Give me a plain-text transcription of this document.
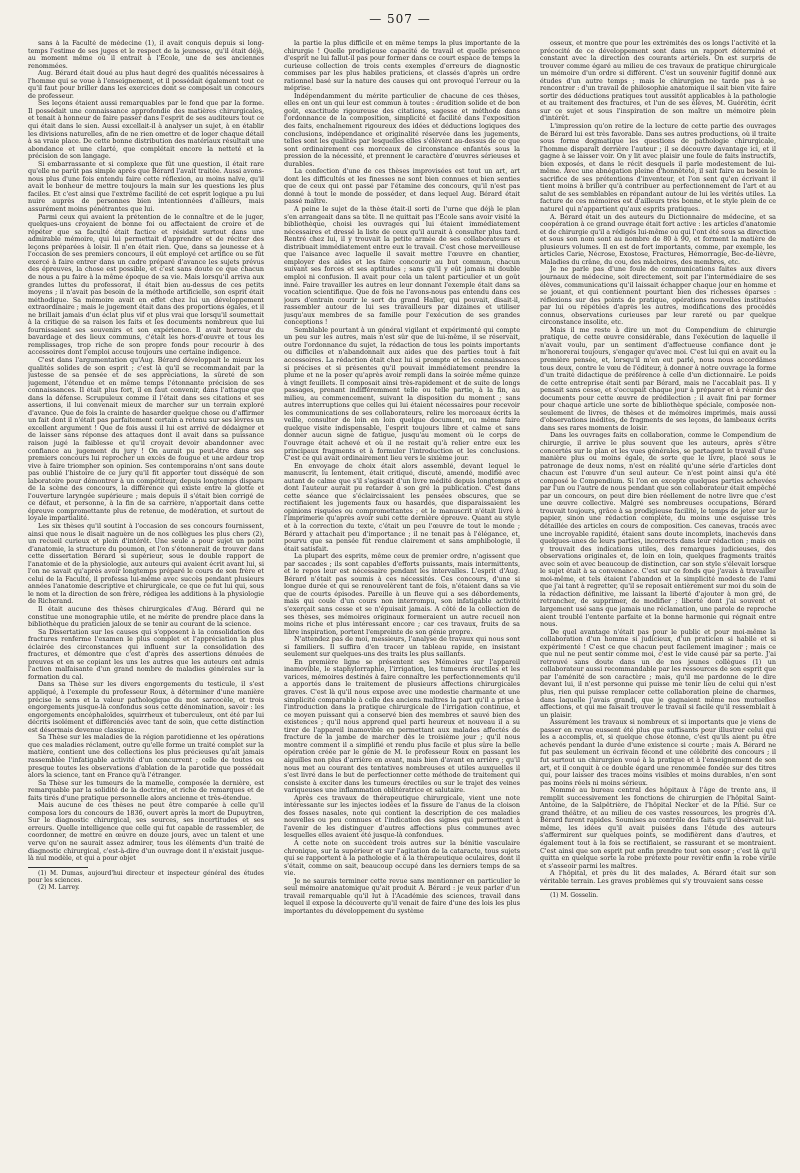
— 507 —

sans à la Faculté de médecine (1), il avait conquis depuis si long-temps l'estime de ses juges et le respect de la jeunesse, qu'il était déjà, au moment même où il entrait à l'École, une de ses anciennes renommées.

Aug. Bérard était doué au plus haut degré des qualités nécessaires à l'homme qui se voue à l'enseignement, et il possédait également tout ce qu'il faut pour briller dans les exercices dont se composait un concours de professeur.

Ses leçons étaient aussi remarquables par le fond que par la forme. Il possédait une connaissance approfondie des matières chirurgicales, et tenait à honneur de faire passer dans l'esprit de ses auditeurs tout ce qui était dans le sien. Aussi excellait-il à analyser un sujet, à en établir les divisions naturelles, afin de ne rien omettre et de loger chaque détail à sa vraie place. De cette bonne distribution des matériaux résultait une abondance et une clarté, que complétait encore la netteté et la précision de son langage.

Si embarrassante et si complexe que fût une question, il était rare qu'elle ne parût pas simple après que Bérard l'avait traitée. Aussi avons-nous plus d'une fois entendu faire cette réflexion, au moins naïve, qu'il avait le bonheur de mettre toujours la main sur les questions les plus faciles. Et c'est ainsi que l'extrême facilité de cet esprit logique a pu lui nuire auprès de personnes bien intentionnées d'ailleurs, mais assurément moins pénétrantes que lui.

Parmi ceux qui avaient la prétention de le connaître et de le juger, quelques-uns croyaient de bonne foi ou affectaient de croire et de répéter que sa faculté était factice et résidait surtout dans une admirable mémoire, qui lui permettait d'apprendre et de réciter des leçons préparées à loisir. Il n'en était rien. Que, dans sa jeunesse et à l'occasion de ses premiers concours, il eût employé cet artifice ou se fût exercé à faire entrer dans un cadre préparé d'avance les sujets prévus des épreuves, la chose est possible, et c'est sans doute ce que chacun de nous a pu faire à la même époque de sa vie. Mais lorsqu'il arriva aux grandes luttes du professorat, il était bien au-dessus de ces petits moyens ; il n'avait pas besoin de la méthode artificielle, son esprit était méthodique. Sa mémoire avait en effet chez lui un développement extraordinaire ; mais le jugement était dans des proportions égales, et il ne brillait jamais d'un éclat plus vif et plus vrai que lorsqu'il soumettait à la critique de sa raison les faits et les documents nombreux que lui fournissaient ses souvenirs et son expérience. Il avait horreur du bavardage et des lieux communs, c'était les hors-d'œuvre et tous les remplissages, trop riche de son propre fonds pour recourir à des accessoires dont l'emploi accuse toujours une certaine indigence.

C'est dans l'argumentation qu'Aug. Bérard développait le mieux les qualités solides de son esprit ; c'est là qu'il se recommandait par la justesse de sa pensée et de ses appréciations, la sûreté de son jugement, l'étendue et en même temps l'étonnante précision de ses connaissances. Il était plus fort, il en faut convenir, dans l'attaque que dans la défense. Scrupuleux comme il l'était dans ses citations et ses assertions, il lui convenait mieux de marcher sur un terrain exploré d'avance. Que de fois la crainte de hasarder quelque chose ou d'affirmer un fait dont il n'était pas parfaitement certain a retenu sur ses lèvres un excellent argument ! Que de fois aussi il lui est arrivé de dédaigner et de laisser sans réponse des attaques dont il avait dans sa puissance raison jugé la faiblesse et qu'il croyait devoir abandonner avec confiance au jugement du jury ! On aurait pu peut-être dans ses premiers concours lui reprocher un excès de fougue et une ardeur trop vive à faire triompher son opinion. Ses contemporains n'ont sans doute pas oublié l'histoire de ce jury qu'il fit apporter tout disséqué de son laboratoire pour démontrer à un compétiteur, depuis longtemps disparu de la scène des concours, la différence qui existe entre la glotte et l'ouverture laryngée supérieure ; mais depuis il s'était bien corrigé de ce défaut, et personne, à la fin de sa carrière, n'apportait dans cette épreuve compromettante plus de retenue, de modération, et surtout de loyale impartialité.

Les six thèses qu'il soutint à l'occasion de ses concours fournissent, ainsi que nous le disait naguère un de nos collègues les plus chers (2), un recueil curieux et plein d'intérêt. Une seule a pour sujet un point d'anatomie, la structure du poumon, et l'on s'étonnerait de trouver dans cette dissertation Bérard si supérieur, sous le double rapport de l'anatomie et de la physiologie, aux auteurs qui avaient écrit avant lui, si l'on ne savait qu'après avoir longtemps préparé le cours de son frère et celui de la Faculté, il professa lui-même avec succès pendant plusieurs années l'anatomie descriptive et chirurgicale, ce que ce fut lui qui, sous le nom et la direction de son frère, rédigea les additions à la physiologie de Richerand.

Il était aucune des thèses chirurgicales d'Aug. Bérard qui ne constitue une monographie utile, et ne mérite de prendre place dans la bibliothèque du praticien jaloux de se tenir au courant de la science.

Sa Dissertation sur les causes qui s'opposent à la consolidation des fractures renferme l'examen le plus complet et l'appréciation la plus éclairée des circonstances qui influent sur la consolidation des fractures, et démontre que c'est d'après des assertions dénuées de preuves et en se copiant les uns les autres que les auteurs ont admis l'action malfaisante d'un grand nombre de maladies générales sur la formation du cal.

Dans sa Thèse sur les divers engorgements du testicule, il s'est appliqué, à l'exemple du professeur Roux, à déterminer d'une manière précise le sens et la valeur pathologique du mot sarcocèle, et trois engorgements jusque-là confondus sous cette dénomination, savoir : les engorgements encéphaloïdes, squirrheux et tuberculeux, ont été par lui décrits isolément et différenciés avec tant de soin, que cette distinction est désormais devenue classique.

Sa Thèse sur les maladies de la région parotidienne et les opérations que ces maladies réclament, outre qu'elle forme un traité complet sur la matière, contient une des collections les plus précieuses qu'ait jamais rassemblée l'infatigable activité d'un concurrent ; celle de toutes ou presque toutes les observations d'ablation de la parotide que possédait alors la science, tant en France qu'à l'étranger.

Sa Thèse sur les tumeurs de la mamelle, composée la dernière, est remarquable par la solidité de la doctrine, et riche de remarques et de faits tirés d'une pratique personnelle alors ancienne et très-étendue.

Mais aucune de ces thèses ne peut être comparée à celle qu'il composa lors du concours de 1836, ouvert après la mort de Dupuytren, Sur le diagnostic chirurgical, ses sources, ses incertitudes et ses erreurs. Quelle intelligence que celle qui fut capable de rassembler, de coordonner, de mettre en œuvre en douze jours, avec un talent et une verve qu'on ne saurait assez admirer, tous les éléments d'un traité de diagnostic chirurgical, c'est-à-dire d'un ouvrage dont il n'existait jusque-là nul modèle, et qui a pour objet

(1) M. Dumas, aujourd'hui directeur et inspecteur général des études pour les sciences.

(2) M. Larrey.

la partie la plus difficile et en même temps la plus importante de la chirurgie ! Quelle prodigieuse capacité de travail et quelle présence d'esprit ne lui fallut-il pas pour former dans ce court espace de temps la curieuse collection de trois cents exemples d'erreurs de diagnostic commises par les plus habiles praticiens, et classés d'après un ordre rationnel basé sur la nature des causes qui ont provoqué l'erreur ou la méprise.

Indépendamment du mérite particulier de chacune de ces thèses, elles en ont un qui leur est commun à toutes : érudition solide et de bon goût, exactitude rigoureuse des citations, sagesse et méthode dans l'ordonnance de la composition, simplicité et facilité dans l'exposition des faits, enchaînement rigoureux des idées et déductions logiques des conclusions, indépendance et originalité réservée dans les jugements, telles sont les qualités par lesquelles elles s'élèvent au-dessus de ce que sont ordinairement ces morceaux de circonstance enfantés sous la pression de la nécessité, et prennent le caractère d'œuvres sérieuses et durables.

La confection d'une de ces thèses improvisées est tout un art, art dont les difficultés et les finesses ne sont bien connues et bien senties que de ceux qui ont passé par l'étamine des concours, qu'il n'est pas donné à tout le monde de posséder, et dans lequel Aug. Bérard était passé maître.

A peine le sujet de la thèse était-il sorti de l'urne que déjà le plan s'en arrangeait dans sa tête. Il ne quittait pas l'École sans avoir visité la bibliothèque, choisi les ouvrages qui lui étaient immédiatement nécessaires et dressé la liste de ceux qu'il aurait à consulter plus tard. Rentré chez lui, il y trouvait la petite armée de ses collaborateurs et distribuait immédiatement entre eux le travail. C'est chose merveilleuse que l'aisance avec laquelle il savait mettre l'œuvre en chantier, employer des aides et les faire concourir au but commun, chacun suivant ses forces et ses aptitudes ; sans qu'il y eût jamais ni double emploi ni confusion. Il avait pour cela un talent particulier et un goût inné. Faire travailler les autres en leur donnant l'exemple était dans sa vocation scientifique. Que de fois ne l'avons-nous pas entendu dans ces jours d'entrain courir le sort du grand Haller, qui pouvait, disait-il, rassembler autour de lui ses travailleurs par dizaines et utiliser jusqu'aux membres de sa famille pour l'exécution de ses grandes conceptions !

Semblable pourtant à un général vigilant et expérimenté qui compte un peu sur les autres, mais n'est sûr que de lui-même, il se réservait, outre l'ordonnance du sujet, la rédaction de tous les points importants ou difficiles et n'abandonnait aux aides que des parties tout à fait accessoires. La rédaction était chez lui si prompte et les connaissances si précises et si présentes qu'il pouvait immédiatement prendre la plume et ne la poser qu'après avoir rempli dans la soirée même quinze à vingt feuillets. Il composait ainsi très-rapidement et de suite de longs passages, prenant indifféremment telle ou telle partie, à la fin, au milieu, au commencement, suivant la disposition du moment ; sans autres interruptions que celles qui lui étaient nécessaires pour recevoir les communications de ses collaborateurs, relire les morceaux écrits la veille, consulter de loin en loin quelque document, ou même faire quelque visite indispensable, l'esprit toujours libre et calme et sans donner aucun signe de fatigue, jusqu'au moment où le corps de l'ouvrage était achevé et où il ne restait qu'à relier entre eux les principaux fragments et à formuler l'introduction et les conclusions. C'est ce qui avait ordinairement lieu vers le sixième jour.

En envoyage de choix était alors assemblé, devant lequel le manuscrit, lu lentement, était critiqué, discuté, amendé, modifié avec autant de calme que s'il s'agissait d'un livre médité depuis longtemps et dont l'auteur aurait pu retarder à son gré la publication. C'est dans cette séance que s'éclaircissaient les pensées obscures, que se rectifiaient les jugements faux ou hasardés, que disparaissaient les opinions risquées ou compromettantes ; et le manuscrit n'était livré à l'imprimerie qu'après avoir subi cette dernière épreuve. Quant au style et à la correction du texte, c'était un peu l'œuvre de tout le monde ; Bérard y attachait peu d'importance ; il ne tenait pas à l'élégance, et, pourvu que sa pensée fût rendue clairement et sans amphibologie, il était satisfait.

La plupart des esprits, même ceux de premier ordre, n'agissent que par saccades ; ils sont capables d'efforts puissants, mais intermittents, et le repos leur est nécessaire pendant les intervalles. L'esprit d'Aug. Bérard n'était pas soumis à ces nécessités. Ces concours, d'une si longue durée et qui se renouvelèrent tant de fois, n'étaient dans sa vie que de courts épisodes. Pareille à un fleuve qui a ses débordements, mais qui coule d'un cours non interrompu, son infatigable activité s'exerçait sans cesse et se n'épuisait jamais. A côté de la collection de ses thèses, ses mémoires originaux formeraient un autre recueil non moins riche et plus intéressant encore ; car ces travaux, fruits de sa libre inspiration, portent l'empreinte de son génie propre.

N'attendez pas de moi, messieurs, l'analyse de travaux qui nous sont si familiers. Il suffira d'en tracer un tableau rapide, en insistant seulement sur quelques-uns des traits les plus saillants.

En première ligne se présentent ses Mémoires sur l'appareil inamovible, le staphylorraphie, l'irrigation, les tumeurs érectiles et les varices, mémoires destinés à faire connaître les perfectionnements qu'il a apportés dans le traitement de plusieurs affections chirurgicales graves. C'est là qu'il nous expose avec une modestie charmante et une simplicité comparable à celle des anciens maîtres la part qu'il a prise à l'introduction dans la pratique chirurgicale de l'irrigation continue, et ce moyen puissant qui a conservé bien des membres et sauvé bien des existences ; qu'il nous apprend quel parti heureux et nouveau il a su tirer de l'appareil inamovible en permettant aux malades affectés de fracture de la jambe de marcher dès le troisième jour ; qu'il nous montre comment il a simplifié et rendu plus facile et plus sûre la belle opération créée par le génie de M. le professeur Roux en passant les aiguilles non plus d'arrière en avant, mais bien d'avant en arrière ; qu'il nous met au courant des tentatives nombreuses et utiles auxquelles il s'est livré dans le but de perfectionner cette méthode de traitement qui consiste à exciter dans les tumeurs érectiles ou sur le trajet des veines variqueuses une inflammation oblitératrice et salutaire.

Après ces travaux de thérapeutique chirurgicale, vient une note intéressante sur les injectes iodées et la fissure de l'anus de la cloison des fosses nasales, note qui contient la description de ces maladies nouvelles ou peu connues et l'indication des signes qui permettent à l'avenir de les distinguer d'autres affections plus communes avec lesquelles elles avaient été jusque-là confondues.

A cette note on succèdent trois autres sur la bénitie vasculaire chronique, sur la supérieur et sur l'agitation de la cataracte, tous sujets qui se rapportent à la pathologie et à la thérapeutique oculaires, dont il s'était, comme on sait, beaucoup occupé dans les derniers temps de sa vie.

Je ne saurais terminer cette revue sans mentionner en particulier le seul mémoire anatomique qu'ait produit A. Bérard : je veux parler d'un travail remarquable qu'il lut à l'Académie des sciences, travail dans lequel il expose la découverte qu'il venait de faire d'une des lois les plus importantes du développement du système

osseux, et montre que pour les extrémités des os longs l'activité et la précocité de ce développement sont dans un rapport déterminé et constant avec la direction des courants artériels. On est surpris de trouver comme égaré au milieu de ces travaux de pratique chirurgicale un mémoire d'un ordre si différent. C'est un souvenir fugitif donné aux études d'un autre temps ; mais le chirurgien ne tarde pas à se rencontrer : d'un travail de philosophie anatomique il sait bien vite faire sortir des déductions pratiques tout aussitôt applicables à la pathologie et au traitement des fractures, et l'un de ses élèves, M. Guérétin, écrit sur ce sujet et sous l'inspiration de son maître un mémoire plein d'intérêt.

L'impression qu'on retire de la lecture de cette partie des ouvrages de Bérard lui est très favorable. Dans ses autres productions, où il traite sous forme dogmatique les questions de pathologie chirurgicale, l'homme disparaît derrière l'auteur ; il se découvre davantage ici, et il gagne à se laisser voir. On y lit avec plaisir une foule de faits instructifs, bien exposés, et dans le récit desquels il parle modestement de lui-même. Avec une abnégation pleine d'honnêteté, il sait faire au besoin le sacrifice de ses prétentions d'inventeur, et l'on sent qu'en écrivant il tient moins à briller qu'à contribuer au perfectionnement de l'art et au salut de ses semblables en répandant autour de lui les vérités utiles. La facture de ces mémoires est d'ailleurs très bonne, et le style plein de ce naturel qui n'appartient qu'aux esprits pratiques.

A. Bérard était un des auteurs du Dictionnaire de médecine, et sa coopération à ce grand ouvrage était fort active : les articles d'anatomie et de chirurgie qu'il a rédigés lui-même ou qui l'ont été sous sa direction et sous son nom sont au nombre de 80 à 90, et forment la matière de plusieurs volumes. Il en est de fort importants, comme, par exemple, les articles Carie, Nécrose, Exostose, Fractures, Hémorragie, Bec-de-lièvre, Maladies du crâne, du cou, des mâchoires, des membres, etc.

Je ne parle pas d'une foule de communications faites aux divers journaux de médecine, soit directement, soit par l'intermédiaire de ses élèves, communications qu'il laissait échapper chaque jour en homme et se jouant, et qui contiennent pourtant bien des richesses éparses : réflexions sur des points de pratique, opérations nouvelles instituées par lui ou répétées d'après les autres, modifications des procédés connus, observations curieuses par leur rareté ou par quelque circonstance insolite, etc.

Mais il me reste à dire un mot du Compendium de chirurgie pratique, de cette œuvre considérable, dans l'exécution de laquelle il n'avait voulu, par un sentiment d'affectueuse confiance dont je m'honorerai toujours, s'engager qu'avec moi. C'est lui qui en avait eu la première pensée, et, lorsqu'il m'en eut parlé, nous nous accordâmes tous deux, contre le vœu de l'éditeur, à donner à notre ouvrage la forme d'un traité didactique de préférence à celle d'un dictionnaire. Le poids de cette entreprise était senti par Bérard, mais ne l'accablait pas. Il y pensait sans cesse, et s'occupait chaque jour à préparer et à réunir des documents pour cette œuvre de prédilection ; il avait fini par former pour chaque article une sorte de bibliothèque spéciale, composée non-seulement de livres, de thèses et de mémoires imprimés, mais aussi d'observations inédites, de fragments de ses leçons, de lambeaux écrits dans ses rares moments de loisir.

Dans les ouvrages faits en collaboration, comme le Compendium de chirurgie, il arrive le plus souvent que les auteurs, après s'être concertés sur le plan et les vues générales, se partagent le travail d'une manière plus ou moins égale, de sorte que le livre, placé sous le patronage de deux noms, n'est en réalité qu'une série d'articles dont chacun est l'œuvre d'un seul auteur. Ce n'est point ainsi qu'a été composé le Compendium. Si l'on en excepte quelques parties achevées par l'un ou l'autre de nous pendant que son collaborateur était empêché par un concours, on peut dire bien réellement de notre livre que c'est une œuvre collective. Malgré ses nombreuses occupations, Bérard trouvait toujours, grâce à sa prodigieuse facilité, le temps de jeter sur le papier, sinon une rédaction complète, du moins une esquisse très détaillée des articles en cours de composition. Ces canevas, tracés avec une incroyable rapidité, étaient sans doute incomplets, inachevés dans quelques-unes de leurs parties, incorrects dans leur rédaction ; mais on y trouvait des indications utiles, des remarques judicieuses, des observations originales et, de loin en loin, quelques fragments traités avec soin et avec beaucoup de distinction, car son style s'élevait lorsque le sujet était à sa convenance. C'est sur ce fonds que j'avais à travailler moi-même, et tels étaient l'abandon et la simplicité modeste de l'ami que j'ai tant à regretter, qu'il se reposait entièrement sur moi du soin de la rédaction définitive, me laissant la liberté d'ajouter à mon gré, de retrancher, de supprimer, de modifier ; liberté dont j'ai souvent et largement usé sans que jamais une réclamation, une parole de reproche aient troublé l'entente parfaite et la bonne harmonie qui régnait entre nous.

De quel avantage n'était pas pour le public et pour moi-même la collaboration d'un homme si judicieux, d'un praticien si habile et si expérimenté ! C'est ce que chacun peut facilement imaginer ; mais ce que nul ne peut sentir comme moi, c'est le vide causé par sa perte. J'ai retrouvé sans doute dans un de nos jeunes collègues (1) un collaborateur aussi recommandable par les ressources de son esprit que par l'aménité de son caractère ; mais, qu'il me pardonne de le dire devant lui, il n'est personne qui puisse me tenir lieu de celui qui n'est plus, rien qui puisse remplacer cette collaboration pleine de charmes, dans laquelle j'avais grandi, que je gagnaient même nos mutuelles affections, et qui me faisait trouver le travail si facile qu'il ressemblait à un plaisir.

Assurément les travaux si nombreux et si importants que je viens de passer en revue eussent été plus que suffisants pour illustrer celui qui les a accomplis, et, si quelque chose étonne, c'est qu'ils aient pu être achevés pendant la durée d'une existence si courte ; mais A. Bérard ne fut pas seulement un écrivain fécond et une célébrité des concours ; il fut surtout un chirurgien voué à la pratique et à l'enseignement de son art, et il conquit à ce double égard une renommée fondée sur des titres qui, pour laisser des traces moins visibles et moins durables, n'en sont pas moins réels ni moins sérieux.

Nommé au bureau central des hôpitaux à l'âge de trente ans, il remplit successivement les fonctions de chirurgien de l'hôpital Saint-Antoine, de la Salpêtrière, de l'hôpital Necker et de la Pitié. Sur ce grand théâtre, et au milieu de ces vastes ressources, les progrès d'A. Bérard furent rapides. Soumises au contrôle des faits qu'il observait lui-même, les idées qu'il avait puisées dans l'étude des auteurs s'affermirent sur quelques points, se modifièrent dans d'autres, et également tout à la fois se rectifiaient, se rassurant et se montraient. C'est ainsi que son esprit put enfin prendre tout son essor ; c'est là qu'il quitta en quelque sorte la robe prétexte pour revêtir enfin la robe virile et s'asseoir parmi les maîtres.

A l'hôpital, et près du lit des malades, A. Bérard était sur son véritable terrain. Les graves problèmes qui s'y trouvaient sans cesse

(1) M. Gosselin.
